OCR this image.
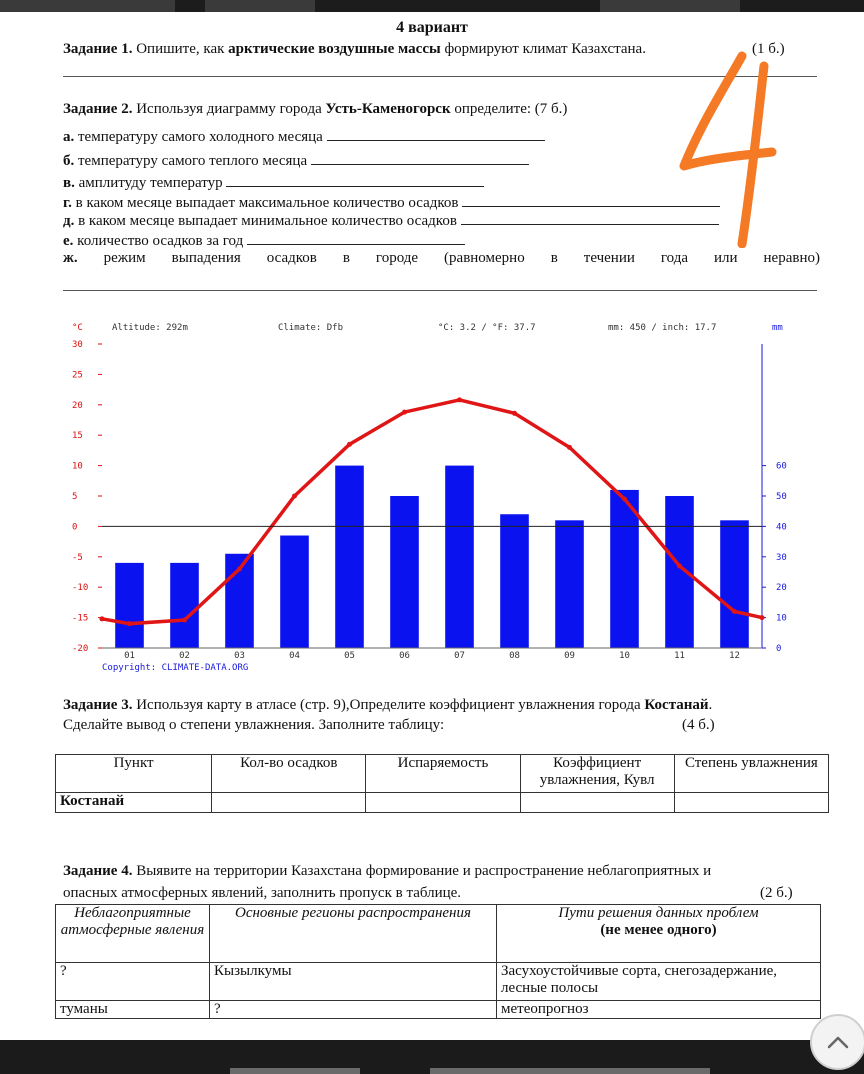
4 вариант
Задание 1. Опишите, как арктические воздушные массы формируют климат Казахстана.	(1 б.)
Задание 2. Используя диаграмму города Усть-Каменогорск определите: (7 б.)
а. температуру самого холодного месяца
б. температуру самого теплого месяца
в. амплитуду температур
г. в каком месяце выпадает максимальное количество осадков
д. в каком месяце выпадает минимальное количество осадков
е. количество осадков за год
ж. режим выпадения осадков в городе (равномерно в течении года или неравно)
°C	Altitude: 292m	Climate: Dfb	°C: 3.2 / °F: 37.7	mm: 450 / inch: 17.7	mm
30
25
20
15
10
5
0
-5
-10
-15
-20
60
50
40
30
20
10
0
01	02	03	04	05	06	07	08	09	10	11	12
Copyright: CLIMATE-DATA.ORG
Задание 3. Используя карту в атласе (стр. 9),Определите коэффициент увлажнения города Костанай.
Сделайте вывод о степени увлажнения. Заполните таблицу:	(4 б.)
Пункт	Кол-во осадков	Испаряемость	Коэффициент увлажнения, Кувл	Степень увлажнения
Костанай				
Задание 4. Выявите на территории Казахстана формирование и распространение неблагоприятных и
опасных атмосферных явлений, заполнить пропуск в таблице.	(2 б.)
Неблагоприятные атмосферные явления	Основные регионы распространения	Пути решения данных проблем
(не менее одного)
?	Кызылкумы	Засухоустойчивые сорта, снегозадержание, лесные полосы
туманы	?	метеопрогноз
